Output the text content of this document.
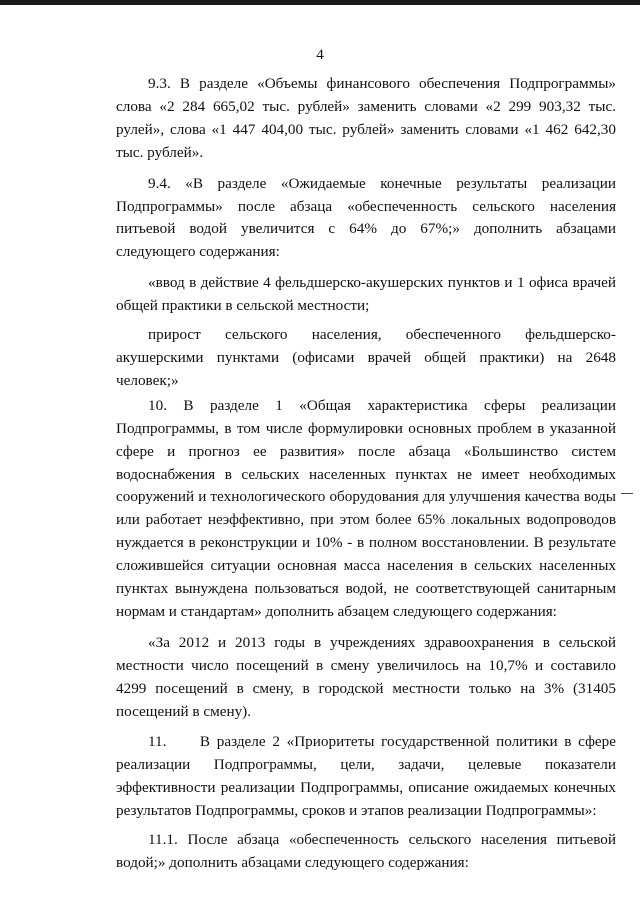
4

9.3. В разделе «Объемы финансового обеспечения Подпрограммы» слова «2 284 665,02 тыс. рублей» заменить словами «2 299 903,32 тыс. рулей», слова «1 447 404,00 тыс. рублей» заменить словами «1 462 642,30 тыс. рублей».

9.4. «В разделе «Ожидаемые конечные результаты реализации Подпрограммы» после абзаца «обеспеченность сельского населения питьевой водой увеличится с 64% до 67%;» дополнить абзацами следующего содержания:

«ввод в действие 4 фельдшерско-акушерских пунктов и 1 офиса врачей общей практики в сельской местности;

прирост сельского населения, обеспеченного фельдшерско-
акушерскими пунктами (офисами врачей общей практики) на 2648 человек;»

10. В разделе 1 «Общая характеристика сферы реализации Подпрограммы, в том числе формулировки основных проблем в указанной сфере и прогноз ее развития» после абзаца «Большинство систем водоснабжения в сельских населенных пунктах не имеет необходимых сооружений и технологического оборудования для улучшения качества воды или работает неэффективно, при этом более 65% локальных водопроводов нуждается в реконструкции и 10% - в полном восстановлении. В результате сложившейся ситуации основная масса населения в сельских населенных пунктах вынуждена пользоваться водой, не соответствующей санитарным нормам и стандартам» дополнить абзацем следующего содержания:

«За 2012 и 2013 годы в учреждениях здравоохранения в сельской местности число посещений в смену увеличилось на 10,7% и составило 4299 посещений в смену, в городской местности только на 3% (31405 посещений в смену).

11.     В разделе 2 «Приоритеты государственной политики в сфере реализации Подпрограммы, цели, задачи, целевые показатели эффективности реализации Подпрограммы, описание ожидаемых конечных результатов Подпрограммы, сроков и этапов реализации Подпрограммы»:

11.1. После абзаца «обеспеченность сельского населения питьевой водой;» дополнить абзацами следующего содержания:
